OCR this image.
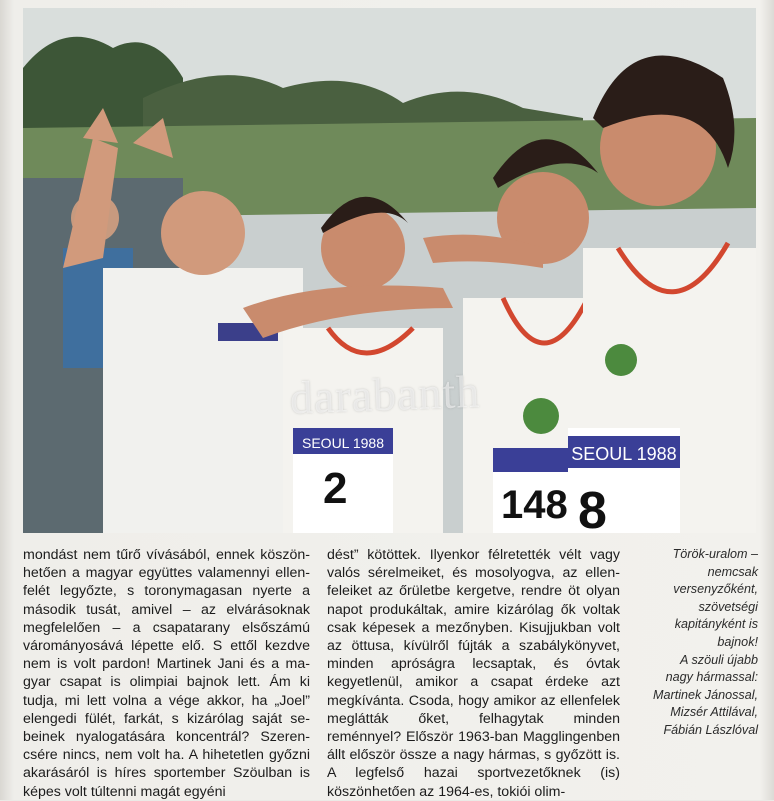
SEOUL 1988
2	148
SEOUL 1988
8
darabanth

mondást nem tűrő vívásából, ennek köszönhetően a magyar együttes valamennyi ellenfelét legyőzte, s toronymagasan nyerte a második tusát, amivel – az elvárásoknak megfelelően – a csapatarany elsőszámú várományosává lépette elő. S ettől kezdve nem is volt pardon! Martinek Jani és a magyar csapat is olimpiai bajnok lett. Ám ki tudja, mi lett volna a vége akkor, ha „Joel” elengedi fülét, farkát, s kizárólag saját sebeinek nyalogatására koncentrál? Szerencsére nincs, nem volt ha. A hihetetlen győzni akarásáról is híres sportember Szöulban is képes volt túltenni magát egyéni

dést” kötöttek. Ilyenkor félretették vélt vagy valós sérelmeiket, és mosolyogva, az ellenfeleiket az őrületbe kergetve, rendre öt olyan napot produkáltak, amire kizárólag ők voltak csak képesek a mezőnyben. Kisujjukban volt az öttusa, kívülről fújták a szabálykönyvet, minden apróságra lecsaptak, és óvtak kegyetlenül, amikor a csapat érdeke azt megkívánta. Csoda, hogy amikor az ellenfelek meglátták őket, felhagytak minden reménnyel? Először 1963-ban Magglingenben állt először össze a nagy hármas, s győzött is. A legfelső hazai sportvezetőknek (is) köszönhetően az 1964-es, tokiói olim-

Török-uralom –

nemcsak

versenyzőként,

szövetségi

kapitányként is

bajnok!

A szöuli újabb

nagy hármassal:

Martinek Jánossal,

Mizsér Attilával,

Fábián Lászlóval
